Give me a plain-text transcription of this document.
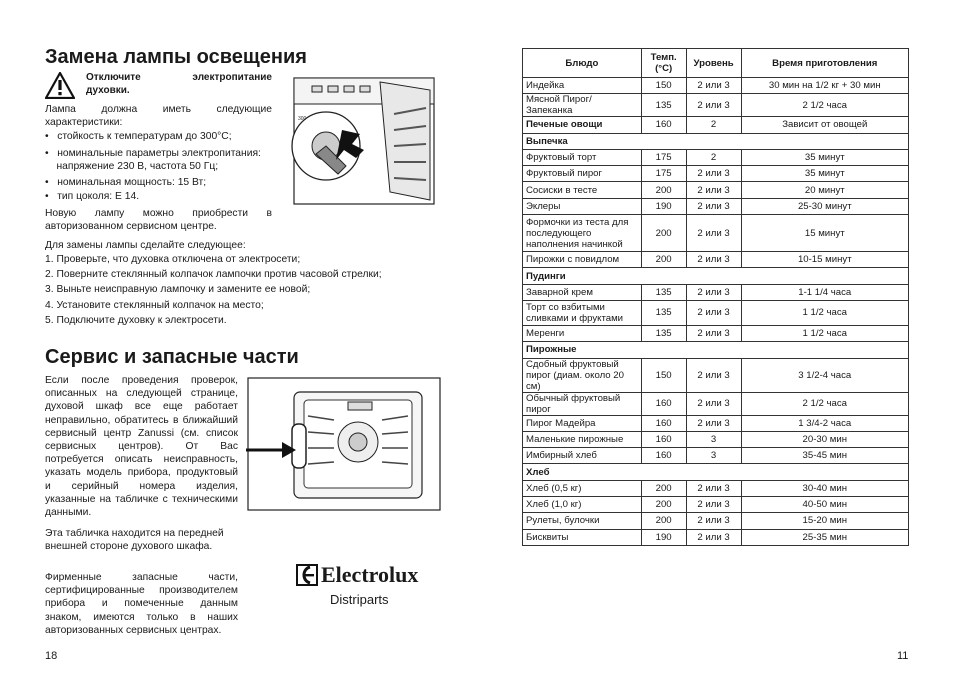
Замена лампы освещения
Отключите электропитание
духовки.
Лампа должна иметь следующие
характеристики:
•   стойкость к температурам до 300°С;
•   номинальные параметры электропитания:
напряжение 230 В, частота 50 Гц;
•   номинальная мощность: 15 Вт;
•   тип цоколя: Е 14.
Новую лампу можно приобрести в
авторизованном сервисном центре.
Для замены лампы сделайте следующее:
1. Проверьте, что духовка отключена от электросети;
2. Поверните стеклянный колпачок лампочки против часовой стрелки;
3. Выньте неисправную лампочку и замените ее новой;
4. Установите стеклянный колпачок на место;
5. Подключите духовку к электросети.
300
Сервис и запасные части
Если после проведения проверок,
описанных на следующей странице,
духовой шкаф все еще работает
неправильно, обратитесь в ближайший
сервисный центр Zanussi (см. список
сервисных центров). От Вас
потребуется описать неисправность,
указать модель прибора, продуктовый
и серийный номера изделия,
указанные на табличке с техническими
данными.
Эта табличка находится на передней
внешней стороне духового шкафа.
Фирменные запасные части,
сертифицированные производителем
прибора и помеченные данным
знаком, имеются только в наших
авторизованных сервисных центрах.
Electrolux
Distriparts
18	11
Блюдо	Темп. (°С)	Уровень	Время приготовления
Индейка	150	2 или 3	30 мин на 1/2 кг + 30 мин
Мясной Пирог/ Запеканка	135	2 или 3	2 1/2 часа
Печеные овощи	160	2	Зависит от овощей
Выпечка			
Фруктовый торт	175	2	35 минут
Фруктовый пирог	175	2 или 3	35 минут
Сосиски в тесте	200	2 или 3	20 минут
Эклеры	190	2 или 3	25-30 минут
Формочки из теста для последующего наполнения начинкой	200	2 или 3	15 минут
Пирожки с повидлом	200	2 или 3	10-15 минут
Пудинги			
Заварной крем	135	2 или 3	1-1 1/4 часа
Торт со взбитыми сливками и фруктами	135	2 или 3	1 1/2 часа
Меренги	135	2 или 3	1 1/2 часа
Пирожные			
Сдобный фруктовый пирог (диам. около 20 см)	150	2 или 3	3 1/2-4 часа
Обычный фруктовый пирог	160	2 или 3	2 1/2 часа
Пирог Мадейра	160	2 или 3	1 3/4-2 часа
Маленькие пирожные	160	3	20-30 мин
Имбирный хлеб	160	3	35-45 мин
Хлеб			
Хлеб (0,5 кг)	200	2 или 3	30-40 мин
Хлеб (1,0 кг)	200	2 или 3	40-50 мин
Рулеты, булочки	200	2 или 3	15-20 мин
Бисквиты	190	2 или 3	25-35 мин
